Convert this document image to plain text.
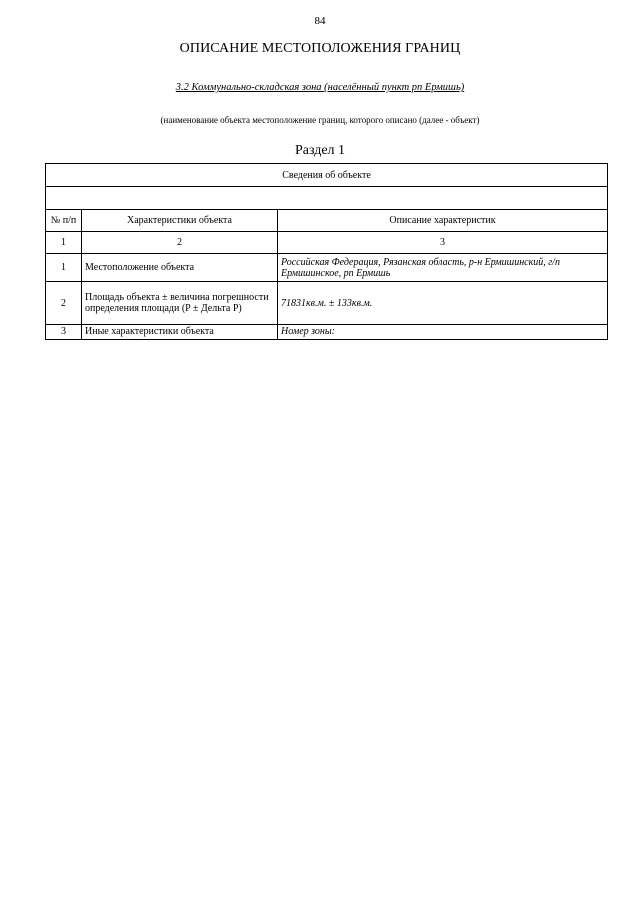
84
ОПИСАНИЕ МЕСТОПОЛОЖЕНИЯ ГРАНИЦ
3.2 Коммунально-складская зона (населённый пункт рп Ермишь)
(наименование объекта местоположение границ, которого описано (далее - объект)
Раздел 1
Сведения об объекте		

№ п/п	Характеристики объекта	Описание характеристик
1	2	3
1	Местоположение объекта	Российская Федерация, Рязанская область, р-н Ермишинский, г/п Ермишинское, рп Ермишь
2	Площадь объекта ± величина погрешности определения площади (P ± Дельта P)	71831кв.м. ± 133кв.м.
3	Иные характеристики объекта	Номер зоны:
